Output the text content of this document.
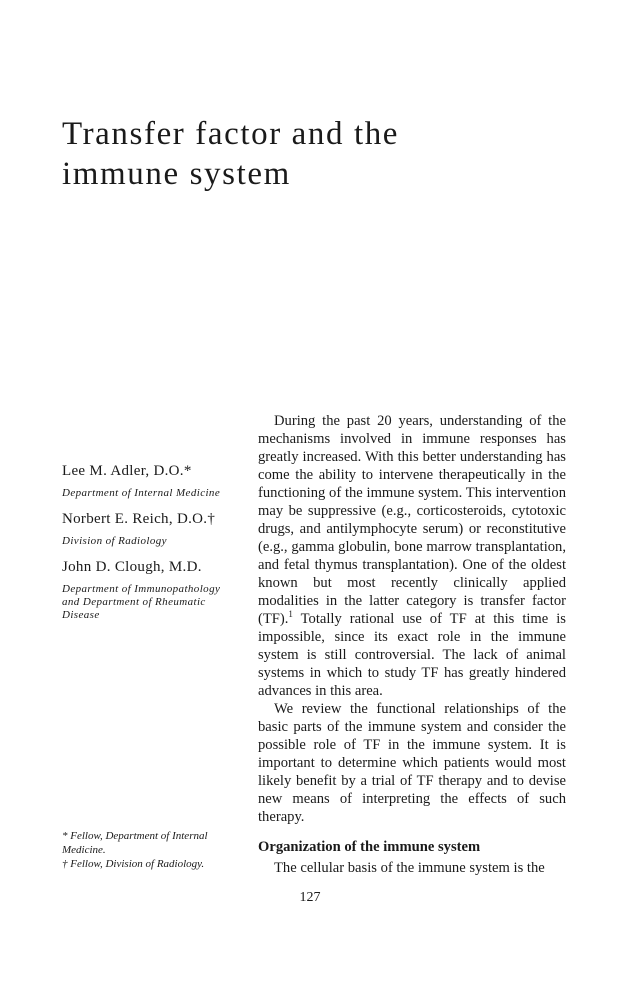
Transfer factor and the
immune system
Lee M. Adler, D.O.*
Department of Internal Medicine
Norbert E. Reich, D.O.†
Division of Radiology
John D. Clough, M.D.
Department of Immunopathology
and Department of Rheumatic
Disease

* Fellow, Department of Internal Medicine.

† Fellow, Division of Radiology.

During the past 20 years, understanding of the mechanisms involved in immune responses has greatly increased. With this better understanding has come the ability to intervene therapeutically in the functioning of the immune system. This intervention may be suppressive (e.g., corticosteroids, cytotoxic drugs, and antilymphocyte serum) or reconstitutive (e.g., gamma globulin, bone marrow transplantation, and fetal thymus transplantation). One of the oldest known but most recently clinically applied modalities in the latter category is transfer factor (TF).$^1$ Totally rational use of TF at this time is impossible, since its exact role in the immune system is still controversial. The lack of animal systems in which to study TF has greatly hindered advances in this area.

We review the functional relationships of the basic parts of the immune system and consider the possible role of TF in the immune system. It is important to determine which patients would most likely benefit by a trial of TF therapy and to devise new means of interpreting the effects of such therapy.

Organization of the immune system

The cellular basis of the immune system is the

127
